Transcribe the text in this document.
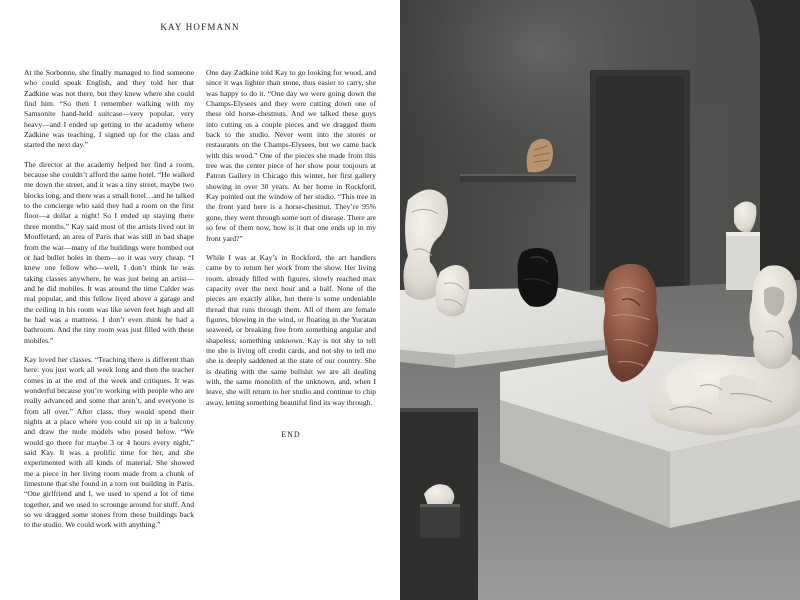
KAY HOFMANN

At the Sorbonne, she finally managed to find someone who could speak English, and they told her that Zadkine was not there, but they knew where she could find him. “So then I remember walking with my Samsonite hand-held suitcase—very popular, very heavy—and I ended up getting to the academy where Zadkine was teaching. I signed up for the class and started the next day.”

The director at the academy helped her find a room, because she couldn’t afford the same hotel. “He walked me down the street, and it was a tiny street, maybe two blocks long, and there was a small hotel…and he talked to the concierge who said they had a room on the first floor—a dollar a night! So I ended up staying there three months.” Kay said most of the artists lived out in Mouffetard, an area of Paris that was still in bad shape from the war—many of the buildings were bombed out or had bullet holes in them—so it was very cheap. “I knew one fellow who—well, I don’t think he was taking classes anywhere, he was just being an artist—and he did mobiles. It was around the time Calder was real popular, and this fellow lived above a garage and the ceiling in his room was like seven feet high and all he had was a mattress. I don’t even think he had a bathroom. And the tiny room was just filled with these mobiles.”

Kay loved her classes. “Teaching there is different than here: you just work all week long and then the teacher comes in at the end of the week and critiques. It was wonderful because you’re working with people who are really advanced and some that aren’t, and everyone is from all over.” After class, they would spend their nights at a place where you could sit up in a balcony and draw the nude models who posed below. “We would go there for maybe 3 or 4 hours every night,” said Kay. It was a prolific time for her, and she experimented with all kinds of material. She showed me a piece in her living room made from a chunk of limestone that she found in a torn out building in Paris. “One girlfriend and I, we used to spend a lot of time together, and we used to scrounge around for stuff. And so we dragged some stones from these buildings back to the studio. We could work with anything.”

One day Zadkine told Kay to go looking for wood, and since it was lighter than stone, thus easier to carry, she was happy to do it. “One day we were going down the Champs-Elysees and they were cutting down one of these old horse-chestnuts. And we talked these guys into cutting us a couple pieces and we dragged them back to the studio. Never went into the stores or restaurants on the Champs-Elysees, but we came back with this wood.” One of the pieces she made from this tree was the center piece of her show pour toujours at Patron Gallery in Chicago this winter, her first gallery showing in over 30 years. At her home in Rockford, Kay pointed out the window of her studio. “This tree in the front yard here is a horse-chestnut. They’re 95% gone, they went through some sort of disease. There are so few of them now, how is it that one ends up in my front yard?”

While I was at Kay’s in Rockford, the art handlers came by to return her work from the show. Her living room, already filled with figures, slowly reached max capacity over the next hour and a half. None of the pieces are exactly alike, but there is some undeniable thread that runs through them. All of them are female figures, blowing in the wind, or floating in the Yucatan seaweed, or breaking free from something angular and shapeless, something unknown. Kay is not shy to tell me she is living off credit cards, and not shy to tell me she is deeply saddened at the state of our country. She is dealing with the same bullshit we are all dealing with, the same monolith of the unknown, and, when I leave, she will return to her studio and continue to chip away, letting something beautiful find its way through.

END
